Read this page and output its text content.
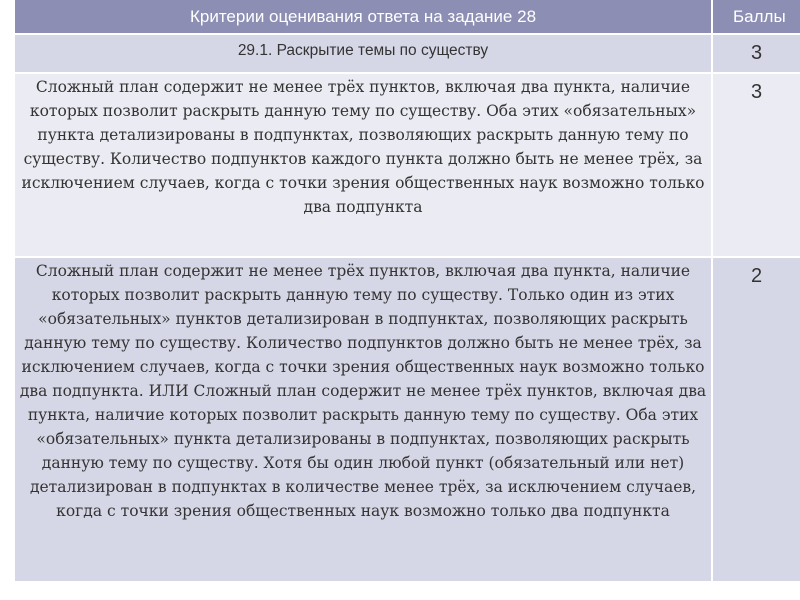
Критерии оценивания ответа на задание 28	Баллы
29.1. Раскрытие темы по существу	3
Сложный план содержит не менее трёх пунктов, включая два пункта, наличие которых позволит раскрыть данную тему по существу. Оба этих «обязательных» пункта детализированы в подпунктах, позволяющих раскрыть данную тему по существу. Количество подпунктов каждого пункта должно быть не менее трёх, за исключением случаев, когда с точки зрения общественных наук возможно только два подпункта	3
Сложный план содержит не менее трёх пунктов, включая два пункта, наличие которых позволит раскрыть данную тему по существу. Только один из этих «обязательных» пунктов детализирован в подпунктах, позволяющих раскрыть данную тему по существу. Количество подпунктов должно быть не менее трёх, за исключением случаев, когда с точки зрения общественных наук возможно только два подпункта. ИЛИ Сложный план содержит не менее трёх пунктов, включая два пункта, наличие которых позволит раскрыть данную тему по существу. Оба этих «обязательных» пункта детализированы в подпунктах, позволяющих раскрыть данную тему по существу. Хотя бы один любой пункт (обязательный или нет) детализирован в подпунктах в количестве менее трёх, за исключением случаев, когда с точки зрения общественных наук возможно только два подпункта	2
